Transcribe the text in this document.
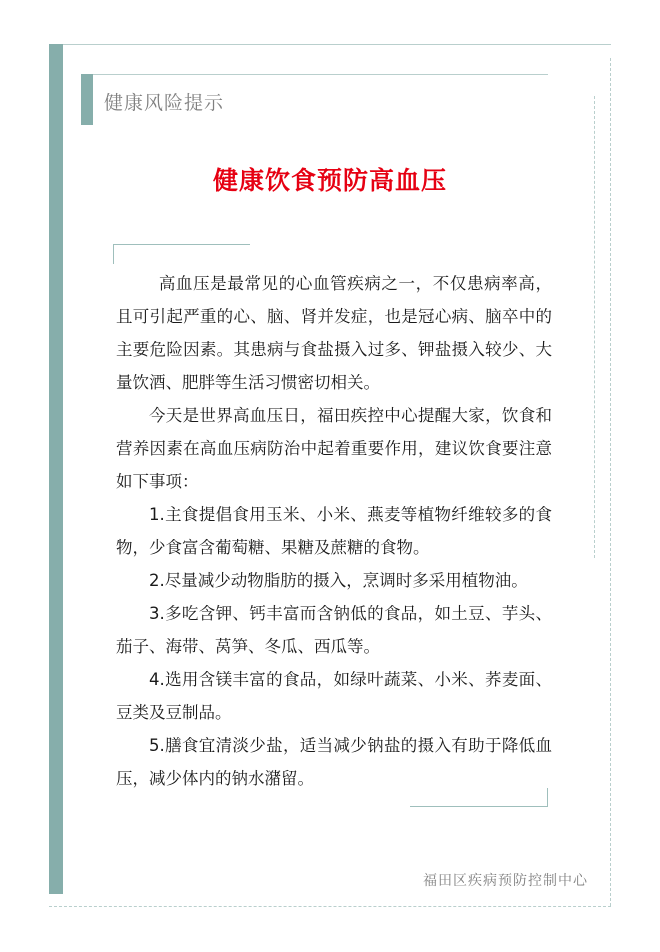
健康风险提示
健康饮食预防高血压

高血压是最常见的心血管疾病之一，不仅患病率高，且可引起严重的心、脑、肾并发症，也是冠心病、脑卒中的主要危险因素。其患病与食盐摄入过多、钾盐摄入较少、大量饮酒、肥胖等生活习惯密切相关。

今天是世界高血压日，福田疾控中心提醒大家，饮食和营养因素在高血压病防治中起着重要作用，建议饮食要注意如下事项：

1.主食提倡食用玉米、小米、燕麦等植物纤维较多的食物，少食富含葡萄糖、果糖及蔗糖的食物。

2.尽量减少动物脂肪的摄入，烹调时多采用植物油。

3.多吃含钾、钙丰富而含钠低的食品，如土豆、芋头、茄子、海带、莴笋、冬瓜、西瓜等。

4.选用含镁丰富的食品，如绿叶蔬菜、小米、荞麦面、豆类及豆制品。

5.膳食宜清淡少盐，适当减少钠盐的摄入有助于降低血压，减少体内的钠水潴留。

福田区疾病预防控制中心
